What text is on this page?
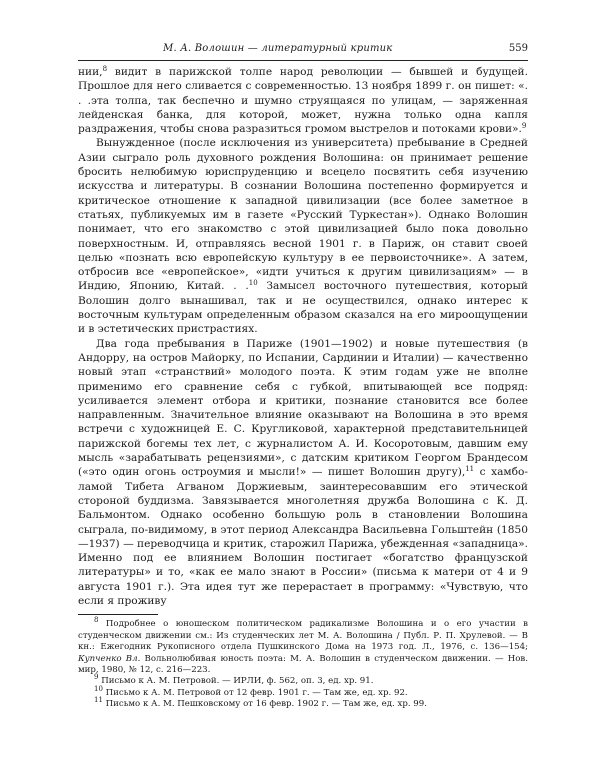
М. А. Волошин — литературный критик	559

нии,$^8$ видит в парижской толпе народ революции — бывшей и будущей. Прошлое для него сливается с современностью. 13 ноября 1899 г. он пишет: «. . .эта толпа, так беспечно и шумно струящаяся по улицам, — заряженная лейденская банка, для которой, может, нужна только одна капля раздражения, чтобы снова разразиться громом выстрелов и потоками крови».$^9$

Вынужденное (после исключения из университета) пребывание в Средней Азии сыграло роль духовного рождения Волошина: он принимает решение бросить нелюбимую юриспруденцию и всецело посвятить себя изучению искусства и литературы. В сознании Волошина постепенно формируется и критическое отношение к западной цивилизации (все более заметное в статьях, публикуемых им в газете «Русский Туркестан»). Однако Волошин понимает, что его знакомство с этой цивилизацией было пока довольно поверхностным. И, отправляясь весной 1901 г. в Париж, он ставит своей целью «познать всю европейскую культуру в ее первоисточнике». А затем, отбросив все «европейское», «идти учиться к другим цивилизациям» — в Индию, Японию, Китай. . .$^{10}$ Замысел восточного путешествия, который Волошин долго вынашивал, так и не осуществился, однако интерес к восточным культурам определенным образом сказался на его мироощущении и в эстетических пристрастиях.

Два года пребывания в Париже (1901—1902) и новые путешествия (в Андорру, на остров Майорку, по Испании, Сардинии и Италии) — качественно новый этап «странствий» молодого поэта. К этим годам уже не вполне применимо его сравнение себя с губкой, впитывающей все подряд: усиливается элемент отбора и критики, познание становится все более направленным. Значительное влияние оказывают на Волошина в это время встречи с художницей Е. С. Кругликовой, характерной представительницей парижской богемы тех лет, с журналистом А. И. Косоротовым, давшим ему мысль «зарабатывать рецензиями», с датским критиком Георгом Брандесом («это один огонь остроумия и мысли!» — пишет Волошин другу),$^{11}$ с хамбо-ламой Тибета Агваном Доржиевым, заинтересовавшим его этической стороной буддизма. Завязывается многолетняя дружба Волошина с К. Д. Бальмонтом. Однако особенно большую роль в становлении Волошина сыграла, по-видимому, в этот период Александра Васильевна Гольштейн (1850—1937) — переводчица и критик, старожил Парижа, убежденная «западница». Именно под ее влиянием Волошин постигает «богатство французской литературы» и то, «как ее мало знают в России» (письма к матери от 4 и 9 августа 1901 г.). Эта идея тут же перерастает в программу: «Чувствую, что если я проживу

$^8$ Подробнее о юношеском политическом радикализме Волошина и о его участии в студенческом движении см.: Из студенческих лет М. А. Волошина / Публ. Р. П. Хрулевой. — В кн.: Ежегодник Рукописного отдела Пушкинского Дома на 1973 год. Л., 1976, с. 136—154; Купченко Вл. Вольнолюбивая юность поэта: М. А. Волошин в студенческом движении. — Нов. мир, 1980, № 12, с. 216—223.

$^9$ Письмо к А. М. Петровой. — ИРЛИ, ф. 562, оп. 3, ед. хр. 91.

$^{10}$ Письмо к А. М. Петровой от 12 февр. 1901 г. — Там же, ед. хр. 92.

$^{11}$ Письмо к А. М. Пешковскому от 16 февр. 1902 г. — Там же, ед. хр. 99.
